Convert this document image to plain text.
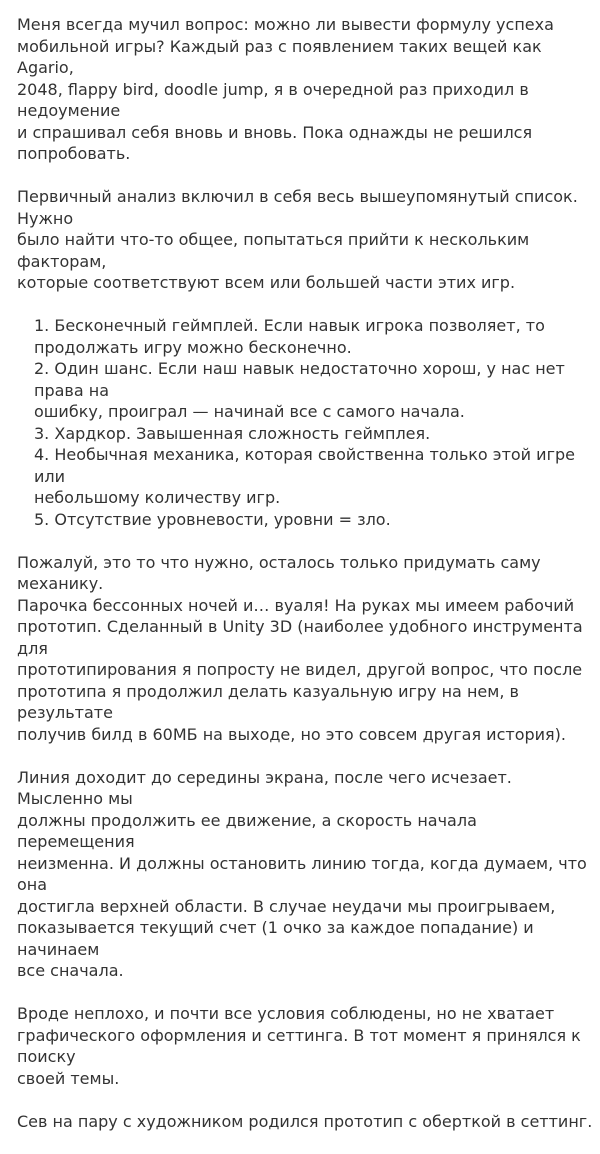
Меня всегда мучил вопрос: можно ли вывести формулу успеха
мобильной игры? Каждый раз с появлением таких вещей как Agario,
2048, flappy bird, doodle jump, я в очередной раз приходил в недоумение
и спрашивал себя вновь и вновь. Пока однажды не решился
попробовать.

Первичный анализ включил в себя весь вышеупомянутый список. Нужно
было найти что-то общее, попытаться прийти к нескольким факторам,
которые соответствуют всем или большей части этих игр.

1. Бесконечный геймплей. Если навык игрока позволяет, то
продолжать игру можно бесконечно.
2. Один шанс. Если наш навык недостаточно хорош, у нас нет права на
ошибку, проиграл — начинай все с самого начала.
3. Хардкор. Завышенная сложность геймплея.
4. Необычная механика, которая свойственна только этой игре или
небольшому количеству игр.
5. Отсутствие уровневости, уровни = зло.

Пожалуй, это то что нужно, осталось только придумать саму механику.
Парочка бессонных ночей и… вуаля! На руках мы имеем рабочий
прототип. Сделанный в Unity 3D (наиболее удобного инструмента для
прототипирования я попросту не видел, другой вопрос, что после
прототипа я продолжил делать казуальную игру на нем, в результате
получив билд в 60МБ на выходе, но это совсем другая история).

Линия доходит до середины экрана, после чего исчезает. Мысленно мы
должны продолжить ее движение, а скорость начала перемещения
неизменна. И должны остановить линию тогда, когда думаем, что она
достигла верхней области. В случае неудачи мы проигрываем,
показывается текущий счет (1 очко за каждое попадание) и начинаем
все сначала.

Вроде неплохо, и почти все условия соблюдены, но не хватает
графического оформления и сеттинга. В тот момент я принялся к поиску
своей темы.

Сев на пару с художником родился прототип с оберткой в сеттинг.
